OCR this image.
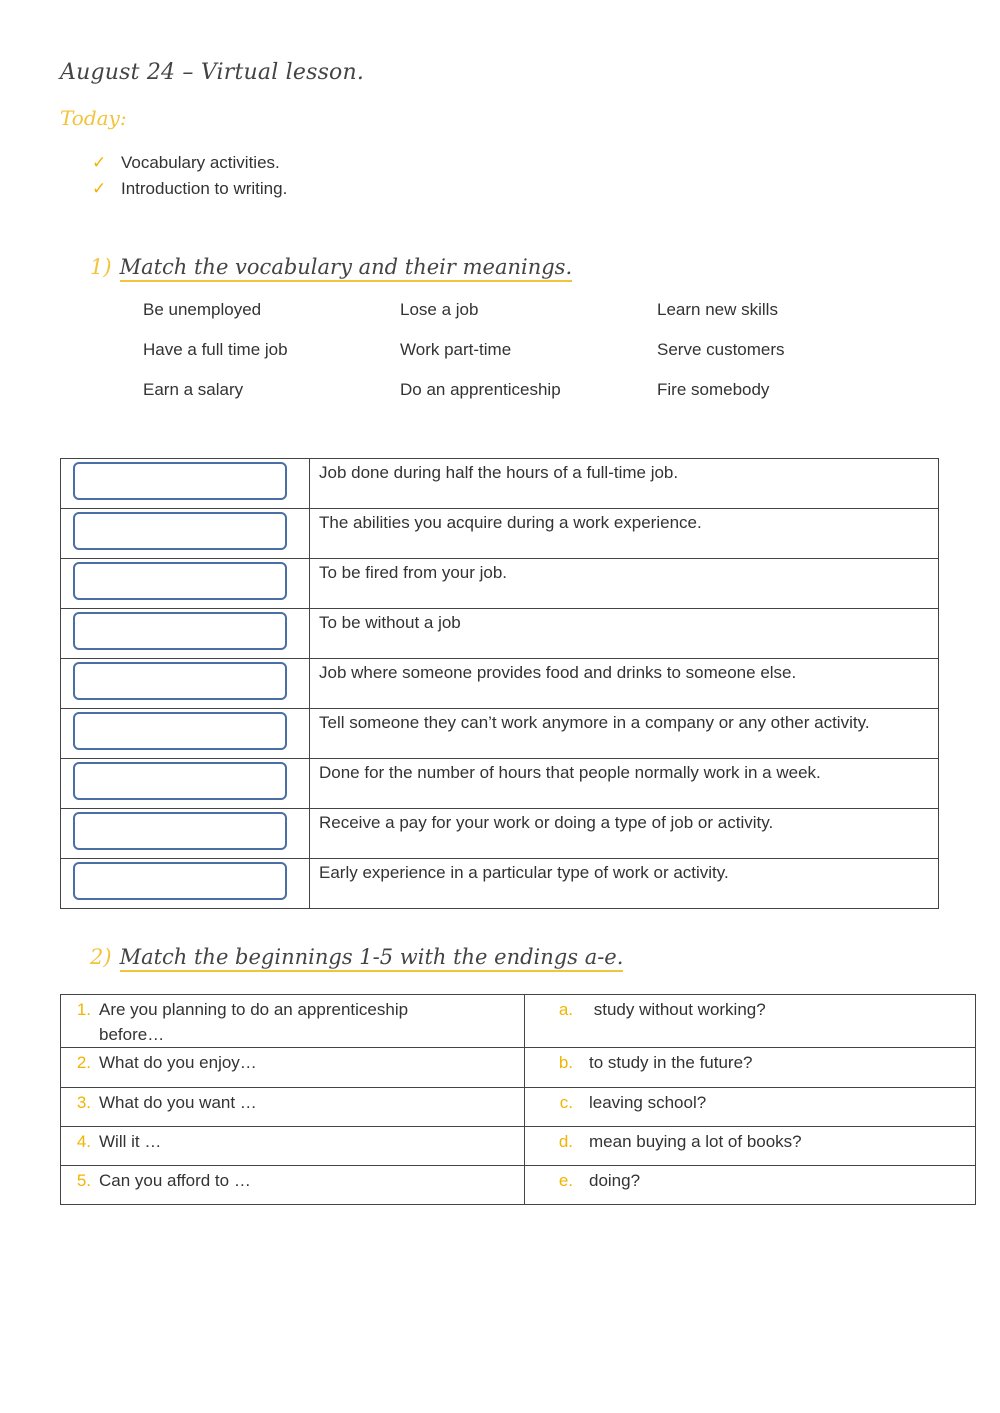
August 24 – Virtual lesson.
Today:
✓ Vocabulary activities.
✓ Introduction to writing.
1) Match the vocabulary and their meanings.
Be unemployed	Lose a job	Learn new skills
Have a full time job	Work part-time	Serve customers
Earn a salary	Do an apprenticeship	Fire somebody

	Job done during half the hours of a full-time job.

	The abilities you acquire during a work experience.

	To be fired from your job.

	To be without a job

	Job where someone provides food and drinks to someone else.

	Tell someone they can’t work anymore in a company or any other activity.

	Done for the number of hours that people normally work in a week.

	Receive a pay for your work or doing a type of job or activity.

	Early experience in a particular type of work or activity.
2) Match the beginnings 1-5 with the endings a-e.
1. Are you planning to do an apprenticeship before…	a. study without working?

2. What do you enjoy…	b. to study in the future?

3. What do you want …	c. leaving school?

4. Will it …	d. mean buying a lot of books?

5. Can you afford to …	e. doing?
